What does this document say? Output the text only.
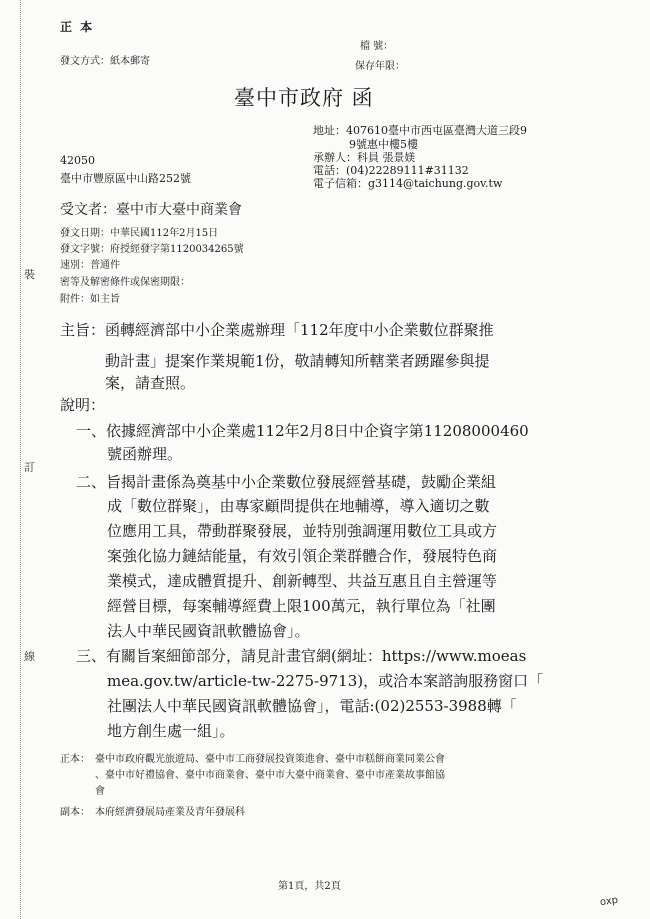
裝
訂
線
正 本
發文方式：紙本郵寄
檔 號：
保存年限：
臺中市政府 函
地址：407610臺中市西屯區臺灣大道三段9
9號惠中樓5樓
承辦人：科員 張景媄
電話：(04)22289111#31132
電子信箱：g3114@taichung.gov.tw
42050
臺中市豐原區中山路252號
受文者：臺中市大臺中商業會
發文日期：中華民國112年2月15日
發文字號：府授經發字第1120034265號
速別：普通件
密等及解密條件或保密期限：
附件：如主旨
主旨：函轉經濟部中小企業處辦理「112年度中小企業數位群聚推
動計畫」提案作業規範1份，敬請轉知所轄業者踴躍參與提
案，請查照。
說明：
一、依據經濟部中小企業處112年2月8日中企資字第11208000460
號函辦理。
二、旨揭計畫係為奠基中小企業數位發展經營基礎，鼓勵企業組
成「數位群聚」，由專家顧問提供在地輔導，導入適切之數
位應用工具，帶動群聚發展，並特別強調運用數位工具或方
案強化協力鏈結能量，有效引領企業群體合作，發展特色商
業模式，達成體質提升、創新轉型、共益互惠且自主營運等
經營目標，每案輔導經費上限100萬元，執行單位為「社團
法人中華民國資訊軟體協會」。
三、有關旨案細節部分，請見計畫官網(網址：https://www.moeas
mea.gov.tw/article-tw-2275-9713)，或洽本案諮詢服務窗口「
社團法人中華民國資訊軟體協會」，電話:(02)2553-3988轉「
地方創生處一組」。
正本： 臺中市政府觀光旅遊局、臺中市工商發展投資策進會、臺中市糕餅商業同業公會
、臺中市好禮協會、臺中市商業會、臺中市大臺中商業會、臺中市產業故事館協
會
副本： 本府經濟發展局產業及青年發展科
第1頁，共2頁
oxp
